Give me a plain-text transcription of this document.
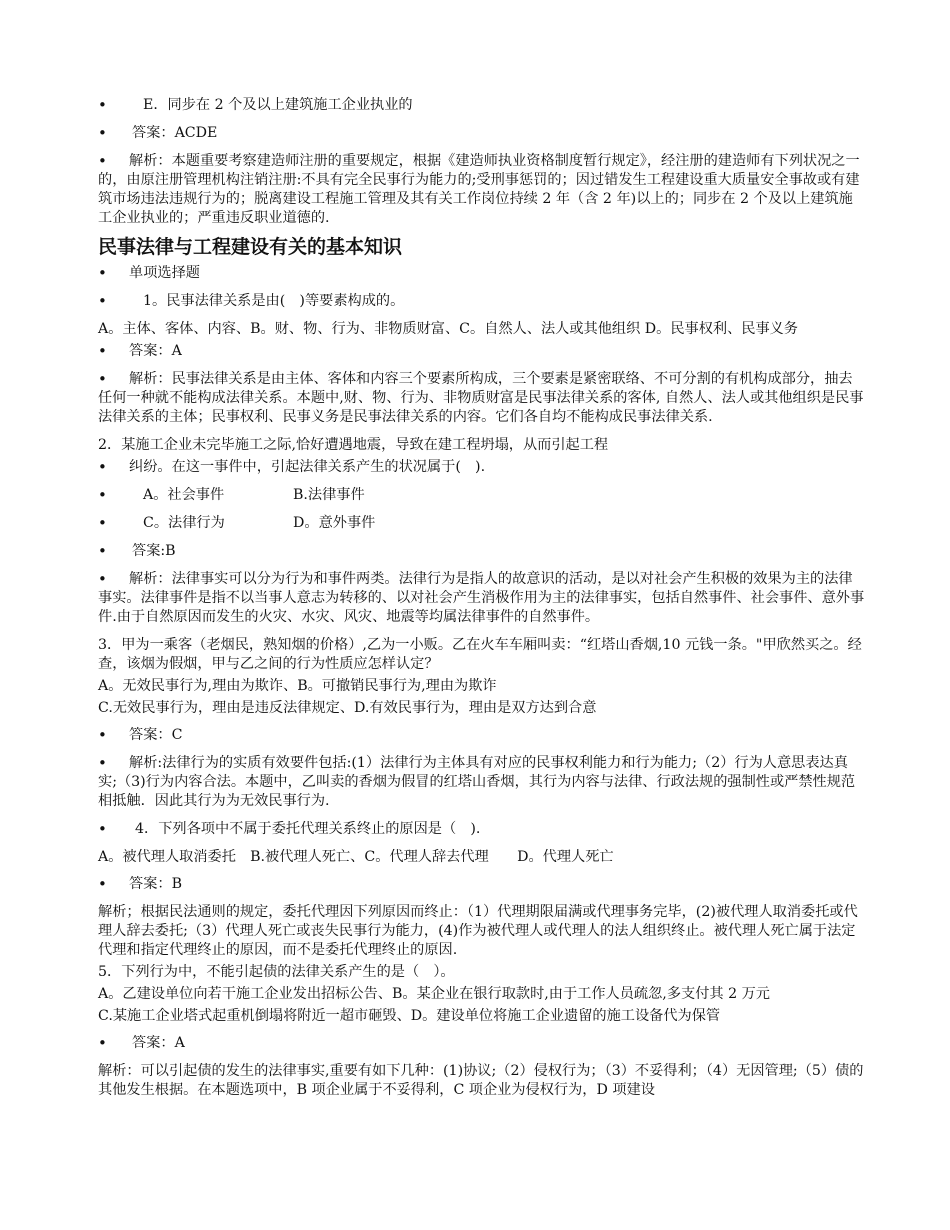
• E．同步在 2 个及以上建筑施工企业执业的
• 答案：ACDE
• 解析：本题重要考察建造师注册的重要规定，根据《建造师执业资格制度暂行规定》，经注册的建造师有下列状况之一的，由原注册管理机构注销注册:不具有完全民事行为能力的;受刑事惩罚的；因过错发生工程建设重大质量安全事故或有建筑市场违法违规行为的；脱离建设工程施工管理及其有关工作岗位持续 2 年（含 2 年)以上的；同步在 2 个及以上建筑施工企业执业的；严重违反职业道德的.
民事法律与工程建设有关的基本知识
• 单项选择题
• 1。民事法律关系是由(　)等要素构成的。
A。主体、客体、内容、B。财、物、行为、非物质财富、C。自然人、法人或其他组织 D。民事权利、民事义务
• 答案：A
• 解析：民事法律关系是由主体、客体和内容三个要素所构成，三个要素是紧密联络、不可分割的有机构成部分，抽去任何一种就不能构成法律关系。本题中,财、物、行为、非物质财富是民事法律关系的客体, 自然人、法人或其他组织是民事法律关系的主体；民事权利、民事义务是民事法律关系的内容。它们各自均不能构成民事法律关系.
2．某施工企业未完毕施工之际,恰好遭遇地震，导致在建工程坍塌，从而引起工程
• 纠纷。在这一事件中，引起法律关系产生的状况属于(　).
• A。社会事件	B.法律事件
• C。法律行为	D。意外事件
• 答案:B
• 解析：法律事实可以分为行为和事件两类。法律行为是指人的故意识的活动，是以对社会产生积极的效果为主的法律事实。法律事件是指不以当事人意志为转移的、以对社会产生消极作用为主的法律事实，包括自然事件、社会事件、意外事件.由于自然原因而发生的火灾、水灾、风灾、地震等均属法律事件的自然事件。
3．甲为一乘客（老烟民，熟知烟的价格）,乙为一小贩。乙在火车车厢叫卖：“红塔山香烟,10 元钱一条。"甲欣然买之。经查，该烟为假烟，甲与乙之间的行为性质应怎样认定？
A。无效民事行为,理由为欺诈、B。可撤销民事行为,理由为欺诈
C.无效民事行为，理由是违反法律规定、D.有效民事行为，理由是双方达到合意
• 答案：C
• 解析:法律行为的实质有效要件包括:(1）法律行为主体具有对应的民事权利能力和行为能力;（2）行为人意思表达真实;（3)行为内容合法。本题中，乙叫卖的香烟为假冒的红塔山香烟，其行为内容与法律、行政法规的强制性或严禁性规范相抵触．因此其行为为无效民事行为.
• 4．下列各项中不属于委托代理关系终止的原因是（　).
A。被代理人取消委托　B.被代理人死亡、C。代理人辞去代理　　D。代理人死亡
• 答案：B
解析；根据民法通则的规定，委托代理因下列原因而终止：（1）代理期限届满或代理事务完毕，(2)被代理人取消委托或代理人辞去委托;（3）代理人死亡或丧失民事行为能力，(4)作为被代理人或代理人的法人组织终止。被代理人死亡属于法定代理和指定代理终止的原因，而不是委托代理终止的原因.
5．下列行为中，不能引起债的法律关系产生的是（　）。
A。乙建设单位向若干施工企业发出招标公告、B。某企业在银行取款时,由于工作人员疏忽,多支付其 2 万元
C.某施工企业塔式起重机倒塌将附近一超市砸毁、D。建设单位将施工企业遗留的施工设备代为保管
• 答案：A
解析：可以引起债的发生的法律事实,重要有如下几种：(1)协议;（2）侵权行为；（3）不妥得利；（4）无因管理;（5）债的其他发生根据。在本题选项中，B 项企业属于不妥得利，C 项企业为侵权行为，D 项建设
